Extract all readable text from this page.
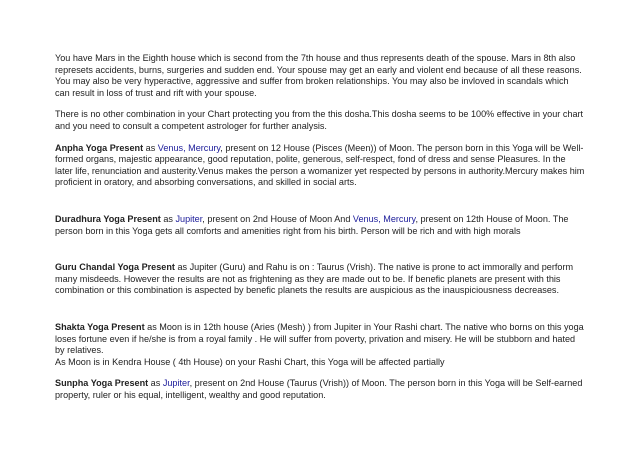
You have Mars in the Eighth house which is second from the 7th house and thus represents death of the spouse. Mars in 8th also represets accidents, burns, surgeries and sudden end. Your spouse may get an early and violent end because of all these reasons. You may also be very hyperactive, aggressive and suffer from broken relationships. You may also be invloved in scandals which can result in loss of trust and rift with your spouse.

There is no other combination in your Chart protecting you from the this dosha.This dosha seems to be 100% effective in your chart and you need to consult a competent astrologer for further analysis.

Anpha Yoga Present as Venus, Mercury, present on 12 House (Pisces (Meen)) of Moon. The person born in this Yoga will be Well-formed organs, majestic appearance, good reputation, polite, generous, self-respect, fond of dress and sense Pleasures. In the later life, renunciation and austerity.Venus makes the person a womanizer yet respected by persons in authority.Mercury makes him proficient in oratory, and absorbing conversations, and skilled in social arts.

Duradhura Yoga Present as Jupiter, present on 2nd House of Moon And Venus, Mercury, present on 12th House of Moon. The person born in this Yoga gets all comforts and amenities right from his birth. Person will be rich and with high morals

Guru Chandal Yoga Present as Jupiter (Guru) and Rahu is on : Taurus (Vrish). The native is prone to act immorally and perform many misdeeds. However the results are not as frightening as they are made out to be. If benefic planets are present with this combination or this combination is aspected by benefic planets the results are auspicious as the inauspiciousness decreases.

Shakta Yoga Present as Moon is in 12th house (Aries (Mesh) ) from Jupiter in Your Rashi chart. The native who borns on this yoga loses fortune even if he/she is from a royal family . He will suffer from poverty, privation and misery. He will be stubborn and hated by relatives.

As Moon is in Kendra House ( 4th House) on your Rashi Chart, this Yoga will be affected partially

Sunpha Yoga Present as Jupiter, present on 2nd House (Taurus (Vrish)) of Moon. The person born in this Yoga will be Self-earned property, ruler or his equal, intelligent, wealthy and good reputation.
